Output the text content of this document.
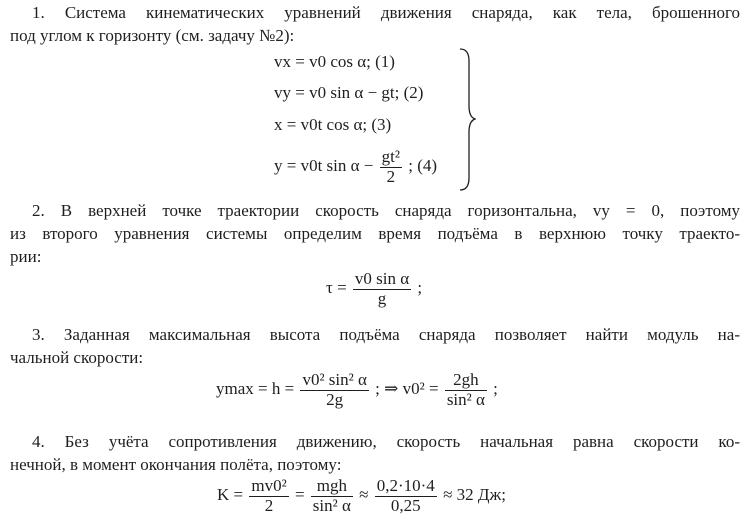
1. Система кинематических уравнений движения снаряда, как тела, брошенного
под углом к горизонту (см. задачу №2):
vx = v0 cos α; (1)
vy = v0 sin α − gt; (2)
x = v0t cos α; (3)
y = v0t $\sin \alpha - \frac{\text{gt²}}{2}$ ; (4)
2. В верхней точке траектории скорость снаряда горизонтальна, vy = 0, поэтому
из второго уравнения системы определим время подъёма в верхнюю точку траекто-
рии:
$\tau = \frac{\text{v0 sin α}}{g}$ ;
3. Заданная максимальная высота подъёма снаряда позволяет найти модуль на-
чальной скорости:
$ymax = h = \frac{\text{v0² sin² α}}{2g}$ ; ⇒ $v0^2 = \frac{2gh}{\text{sin² α}}$ ;
4. Без учёта сопротивления движению, скорость начальная равна скорости ко-
нечной, в момент окончания полёта, поэтому:
$K = \frac{\text{mv0²}}{2} = \frac{\text{mgh}}{\text{sin² α}} \approx \frac{0,2\cdot 10\cdot 4}{0,25} \approx 32$ Дж;
